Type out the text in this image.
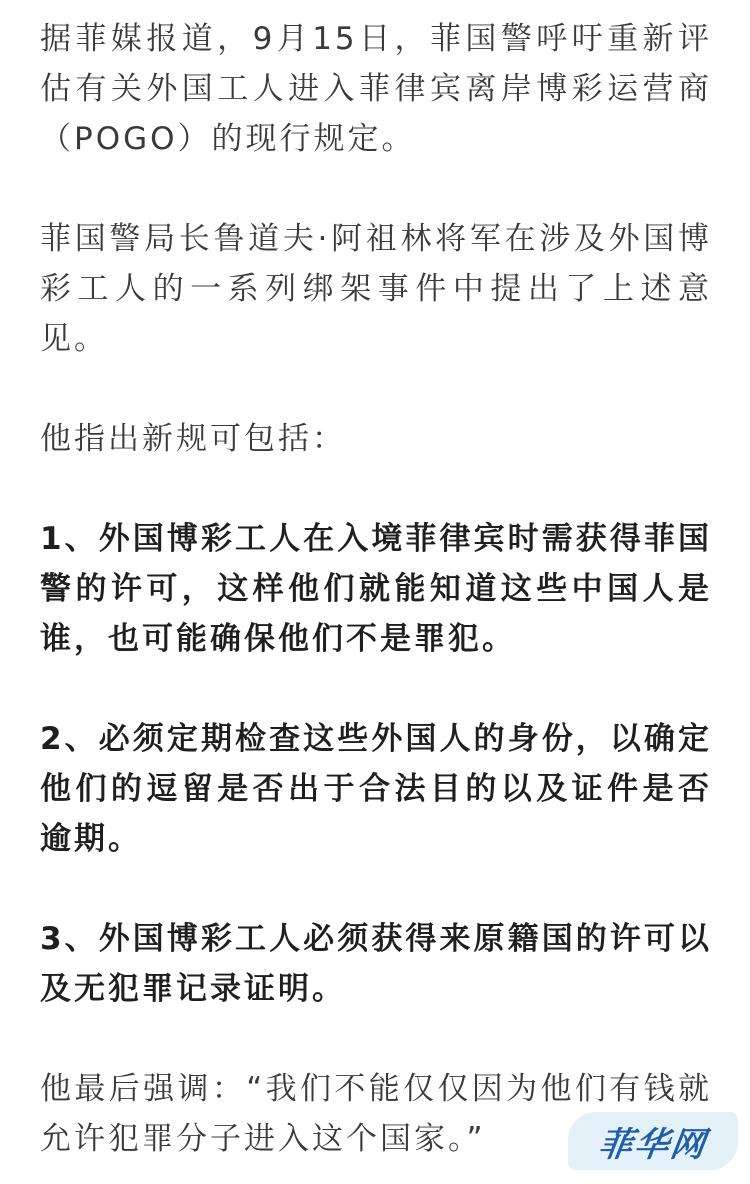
据菲媒报道，9月15日，菲国警呼吁重新评估有关外国工人进入菲律宾离岸博彩运营商（POGO）的现行规定。

菲国警局长鲁道夫·阿祖林将军在涉及外国博彩工人的一系列绑架事件中提出了上述意见。

他指出新规可包括：

1、外国博彩工人在入境菲律宾时需获得菲国警的许可，这样他们就能知道这些中国人是谁，也可能确保他们不是罪犯。

2、必须定期检查这些外国人的身份，以确定他们的逗留是否出于合法目的以及证件是否逾期。

3、外国博彩工人必须获得来原籍国的许可以及无犯罪记录证明。

他最后强调：“我们不能仅仅因为他们有钱就允许犯罪分子进入这个国家。”	菲华网
